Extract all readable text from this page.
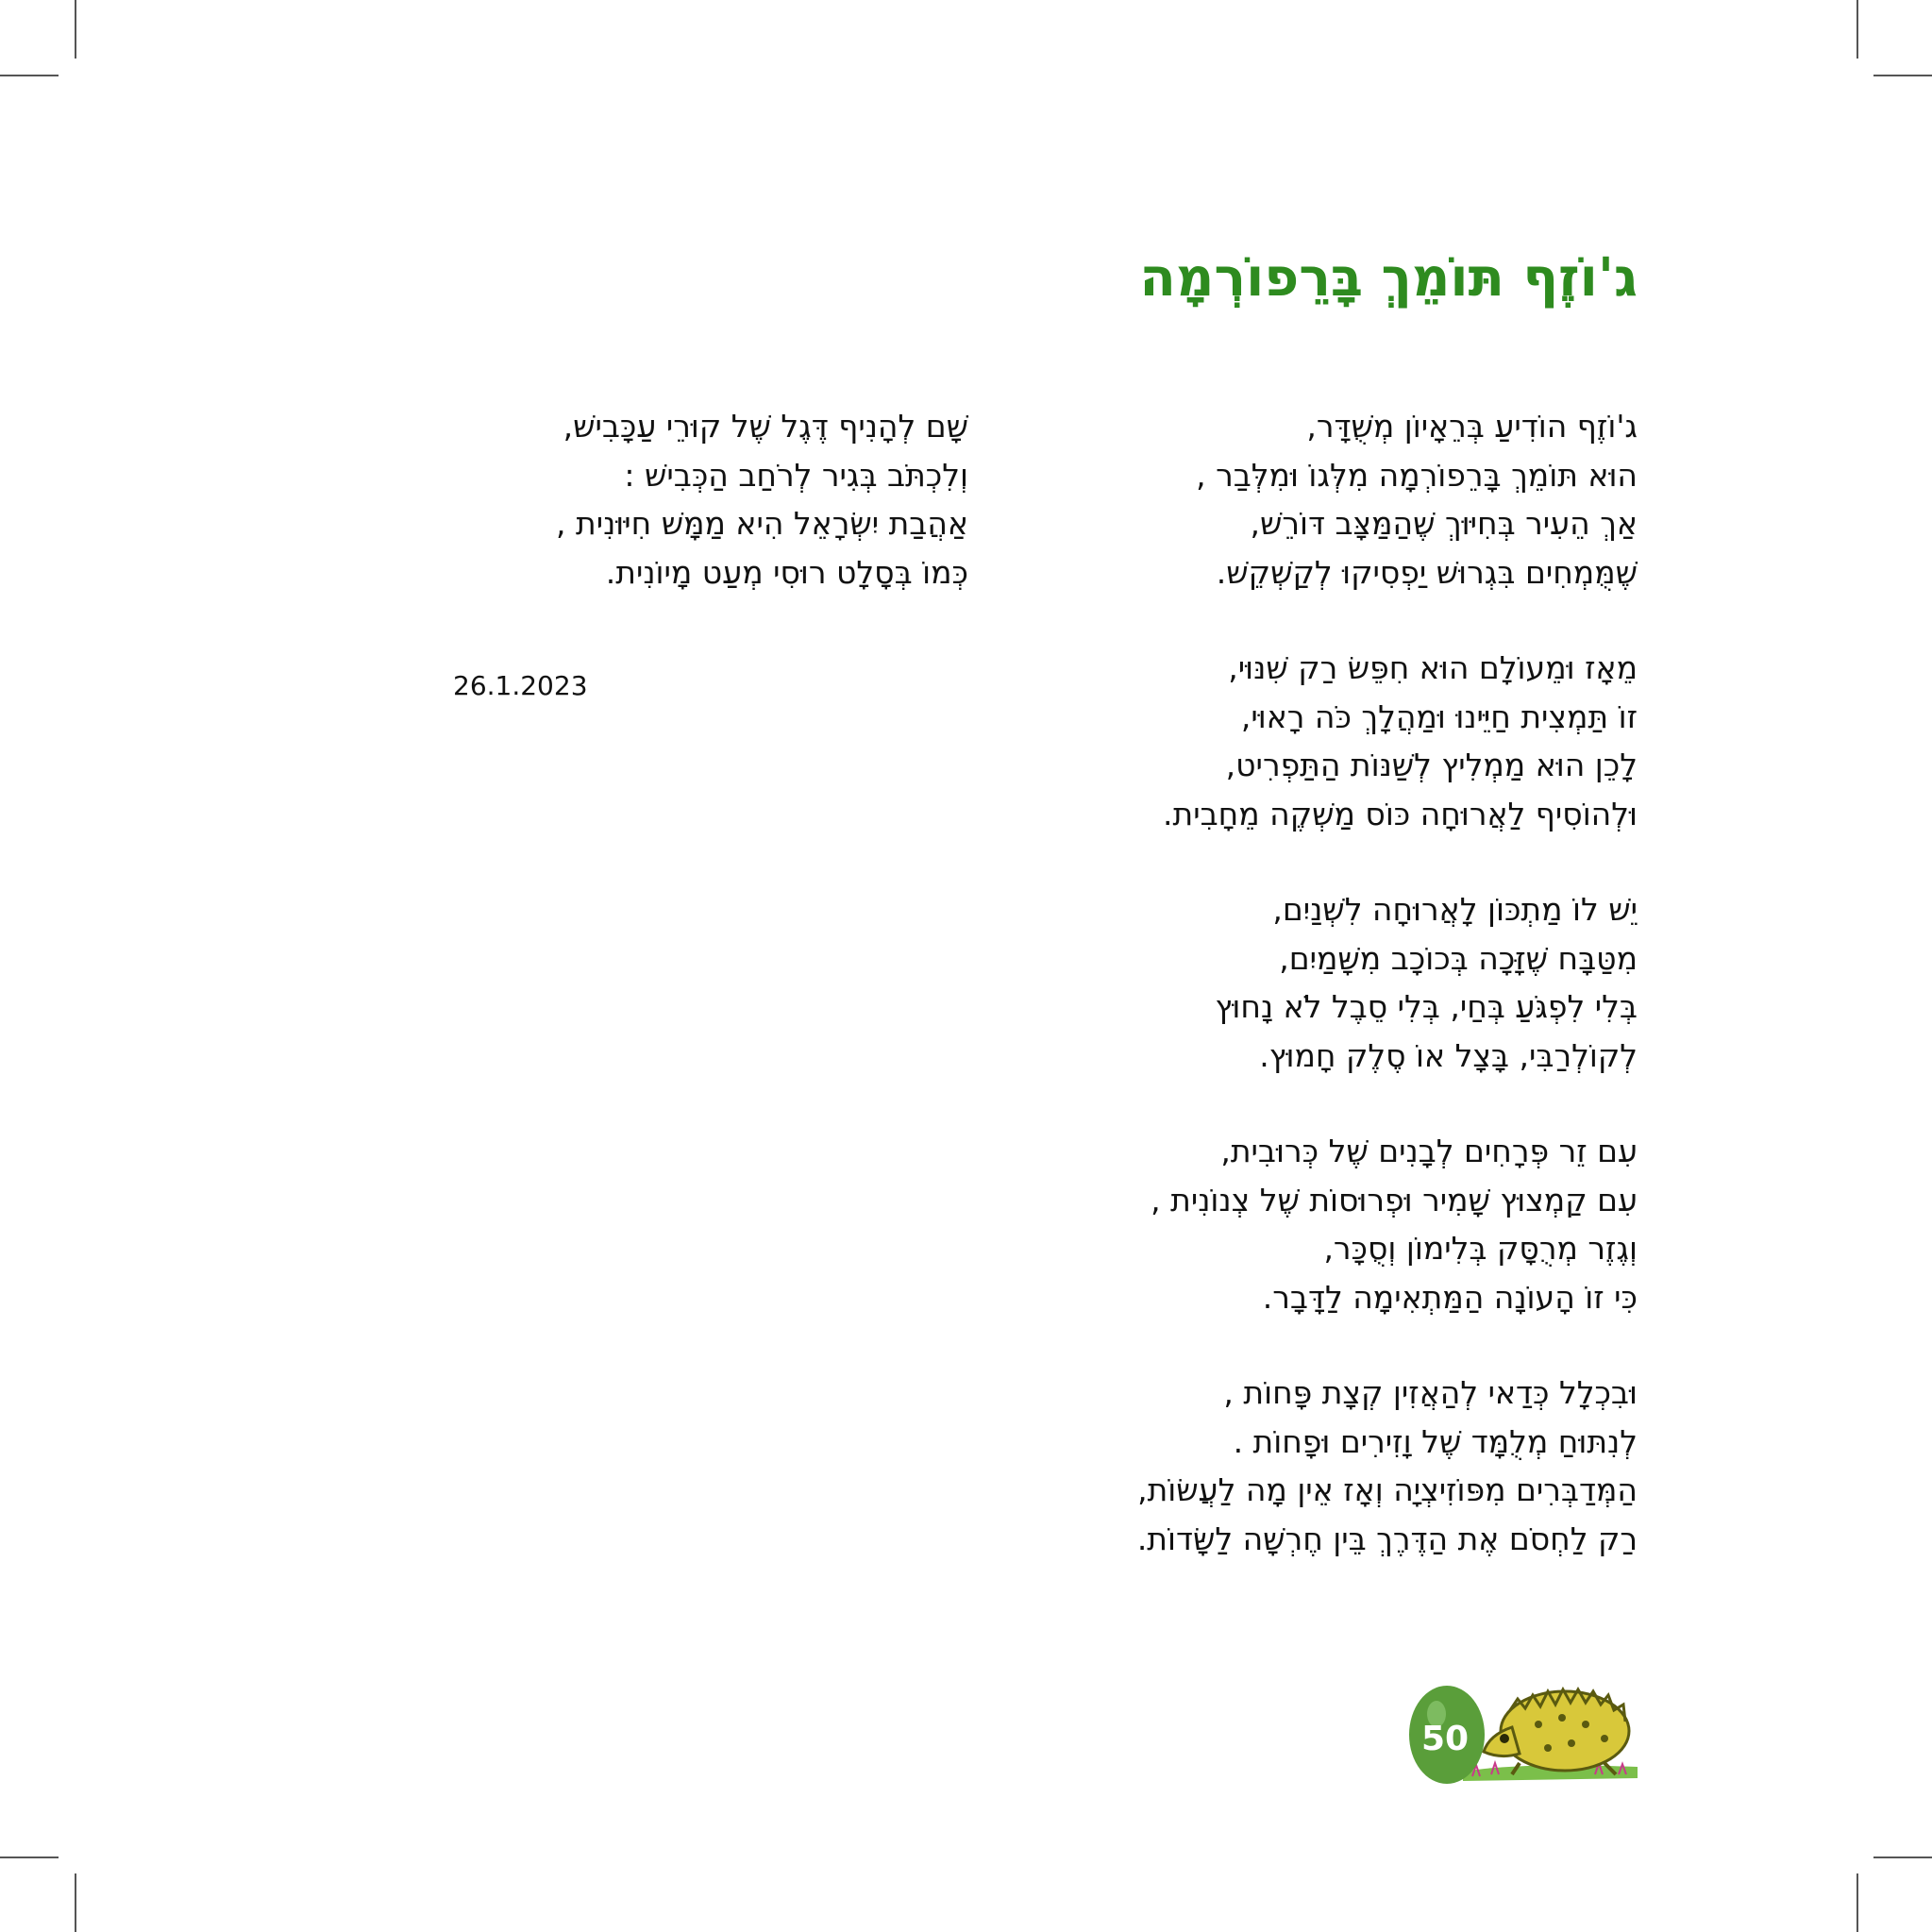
ג'וֹזֶף תּוֹמֵךְ בָּרֵפוֹרְמָה
ג'וֹזֶף הוֹדִיעַ בְּרֵאָיוֹן מְשֻׁדָּר,
הוּא תּוֹמֵךְ בָּרֵפוֹרְמָה מִלְּגוֹ וּמִלְּבַר ,
אַךְ הֵעִיר בְּחִיּוּךְ שֶׁהַמַּצָּב דּוֹרֵשׁ,
שֶׁמֻּמְחִים בִּגְרוּשׁ יַפְסִיקוּ לְקַשְׁקֵשׁ.
מֵאָז וּמֵעוֹלָם הוּא חִפֵּשׂ רַק שִׁנּוּי,
זוֹ תַּמְצִית חַיֵּינוּ וּמַהֲלָךְ כֹּה רָאוּי,
לָכֵן הוּא מַמְלִיץ לְשַׁנּוֹת הַתַּפְרִיט,
וּלְהוֹסִיף לַאֲרוּחָה כּוֹס מַשְׁקֶה מֵחָבִית.
יֵשׁ לוֹ מַתְכּוֹן לָאֲרוּחָה לִשְׁנַיִם,
מִטַּבָּח שֶׁזָּכָה בְּכוֹכָב מִשָּׁמַיִם,
בְּלִי לִפְגֹּעַ בְּחַי, בְּלִי סֵבֶל לֹא נָחוּץ
לְקוֹלְרַבִּי, בָּצָל אוֹ סֶלֶק חָמוּץ.
עִם זֵר פְּרָחִים לְבָנִים שֶׁל כְּרוּבִית,
עִם קַמְצוּץ שָׁמִיר וּפְרוּסוֹת שֶׁל צְנוֹנִית ,
וְגֶזֶר מְרֻסָּק בְּלִימוֹן וְסֻכָּר,
כִּי זוֹ הָעוֹנָה הַמַּתְאִימָה לַדָּבָר.
וּבִכְלָל כְּדַאי לְהַאֲזִין קְצָת פָּחוֹת ,
לְנִתּוּחַ מְלֻמָּד שֶׁל וָזִירִים וּפָחוֹת .
הַמְּדַבְּרִים מִפּוֹזִיצְיָה וְאָז אֵין מָה לַעֲשׂוֹת,
רַק לַחְסֹם אֶת הַדֶּרֶךְ בֵּין חֶרְשָׁה לַשָּׂדוֹת.
שָׁם לְהָנִיף דֶּגֶל שֶׁל קוּרֵי עַכָּבִישׁ,
וְלִכְתֹּב בְּגִיר לְרֹחַב הַכְּבִישׁ :
אַהֲבַת יִשְׂרָאֵל הִיא מַמָּשׁ חִיּוּנִית ,
כְּמוֹ בְּסָלָט רוּסִי מְעַט מָיוֹנִית.
26.1.2023
50
